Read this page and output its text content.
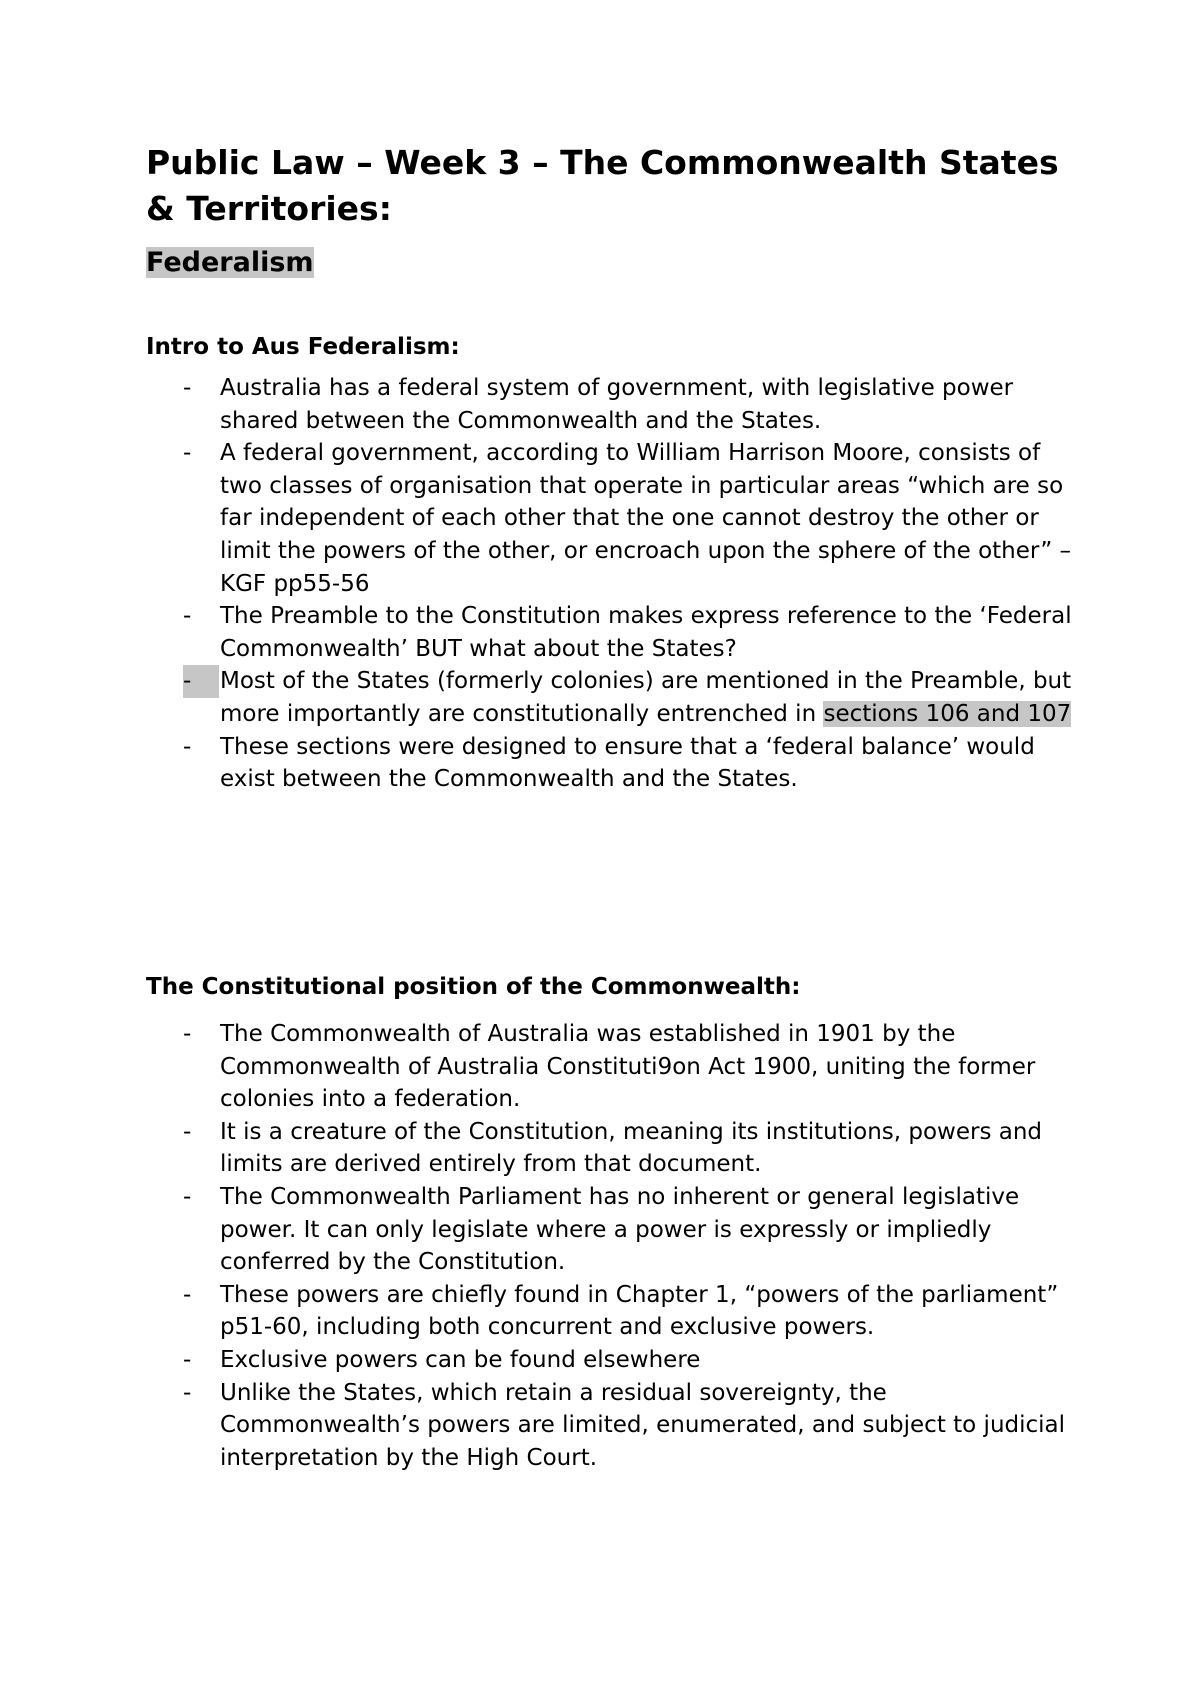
Public Law – Week 3 – The Commonwealth States & Territories:
Federalism
Intro to Aus Federalism:
-	Australia has a federal system of government, with legislative power shared between the Commonwealth and the States.
-	A federal government, according to William Harrison Moore, consists of two classes of organisation that operate in particular areas “which are so far independent of each other that the one cannot destroy the other or limit the powers of the other, or encroach upon the sphere of the other” – KGF pp55-56
-	The Preamble to the Constitution makes express reference to the ‘Federal Commonwealth’ BUT what about the States?
-	Most of the States (formerly colonies) are mentioned in the Preamble, but more importantly are constitutionally entrenched in sections 106 and 107
-	These sections were designed to ensure that a ‘federal balance’ would exist between the Commonwealth and the States.
The Constitutional position of the Commonwealth:
-	The Commonwealth of Australia was established in 1901 by the Commonwealth of Australia Constituti9on Act 1900, uniting the former colonies into a federation.
-	It is a creature of the Constitution, meaning its institutions, powers and limits are derived entirely from that document.
-	The Commonwealth Parliament has no inherent or general legislative power. It can only legislate where a power is expressly or impliedly conferred by the Constitution.
-	These powers are chiefly found in Chapter 1, “powers of the parliament” p51-60, including both concurrent and exclusive powers.
-	Exclusive powers can be found elsewhere
-	Unlike the States, which retain a residual sovereignty, the Commonwealth’s powers are limited, enumerated, and subject to judicial interpretation by the High Court.
